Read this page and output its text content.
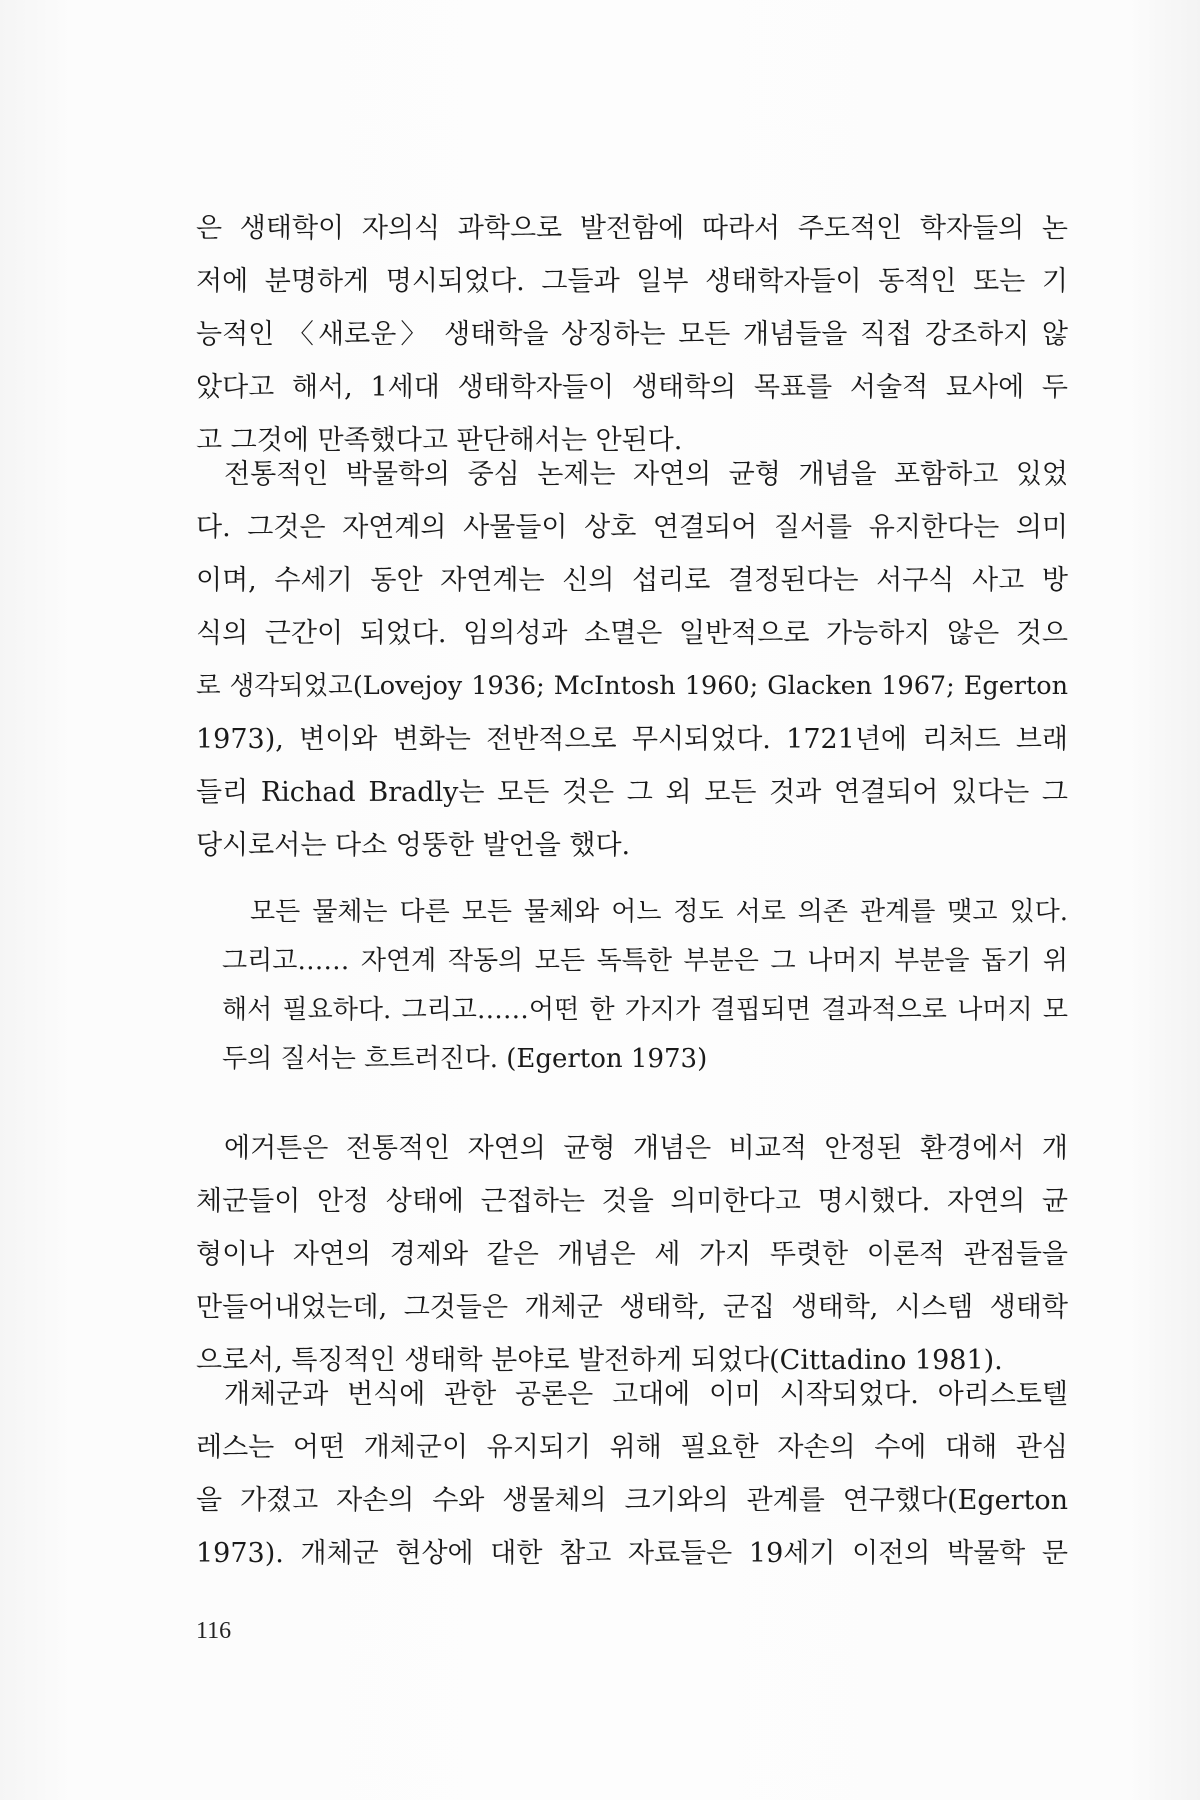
은 생태학이 자의식 과학으로 발전함에 따라서 주도적인 학자들의 논
저에 분명하게 명시되었다. 그들과 일부 생태학자들이 동적인 또는 기
능적인 〈새로운〉 생태학을 상징하는 모든 개념들을 직접 강조하지 않
았다고 해서, 1세대 생태학자들이 생태학의 목표를 서술적 묘사에 두
고 그것에 만족했다고 판단해서는 안된다.
전통적인 박물학의 중심 논제는 자연의 균형 개념을 포함하고 있었
다. 그것은 자연계의 사물들이 상호 연결되어 질서를 유지한다는 의미
이며, 수세기 동안 자연계는 신의 섭리로 결정된다는 서구식 사고 방
식의 근간이 되었다. 임의성과 소멸은 일반적으로 가능하지 않은 것으
로 생각되었고(Lovejoy 1936; McIntosh 1960; Glacken 1967; Egerton
1973), 변이와 변화는 전반적으로 무시되었다. 1721년에 리처드 브래
들리 Richad Bradly는 모든 것은 그 외 모든 것과 연결되어 있다는 그
당시로서는 다소 엉뚱한 발언을 했다.
모든 물체는 다른 모든 물체와 어느 정도 서로 의존 관계를 맺고 있다.
그리고…… 자연계 작동의 모든 독특한 부분은 그 나머지 부분을 돕기 위
해서 필요하다. 그리고……어떤 한 가지가 결핍되면 결과적으로 나머지 모
두의 질서는 흐트러진다. (Egerton 1973)
에거튼은 전통적인 자연의 균형 개념은 비교적 안정된 환경에서 개
체군들이 안정 상태에 근접하는 것을 의미한다고 명시했다. 자연의 균
형이나 자연의 경제와 같은 개념은 세 가지 뚜렷한 이론적 관점들을
만들어내었는데, 그것들은 개체군 생태학, 군집 생태학, 시스템 생태학
으로서, 특징적인 생태학 분야로 발전하게 되었다(Cittadino 1981).
개체군과 번식에 관한 공론은 고대에 이미 시작되었다. 아리스토텔
레스는 어떤 개체군이 유지되기 위해 필요한 자손의 수에 대해 관심
을 가졌고 자손의 수와 생물체의 크기와의 관계를 연구했다(Egerton
1973). 개체군 현상에 대한 참고 자료들은 19세기 이전의 박물학 문
116
